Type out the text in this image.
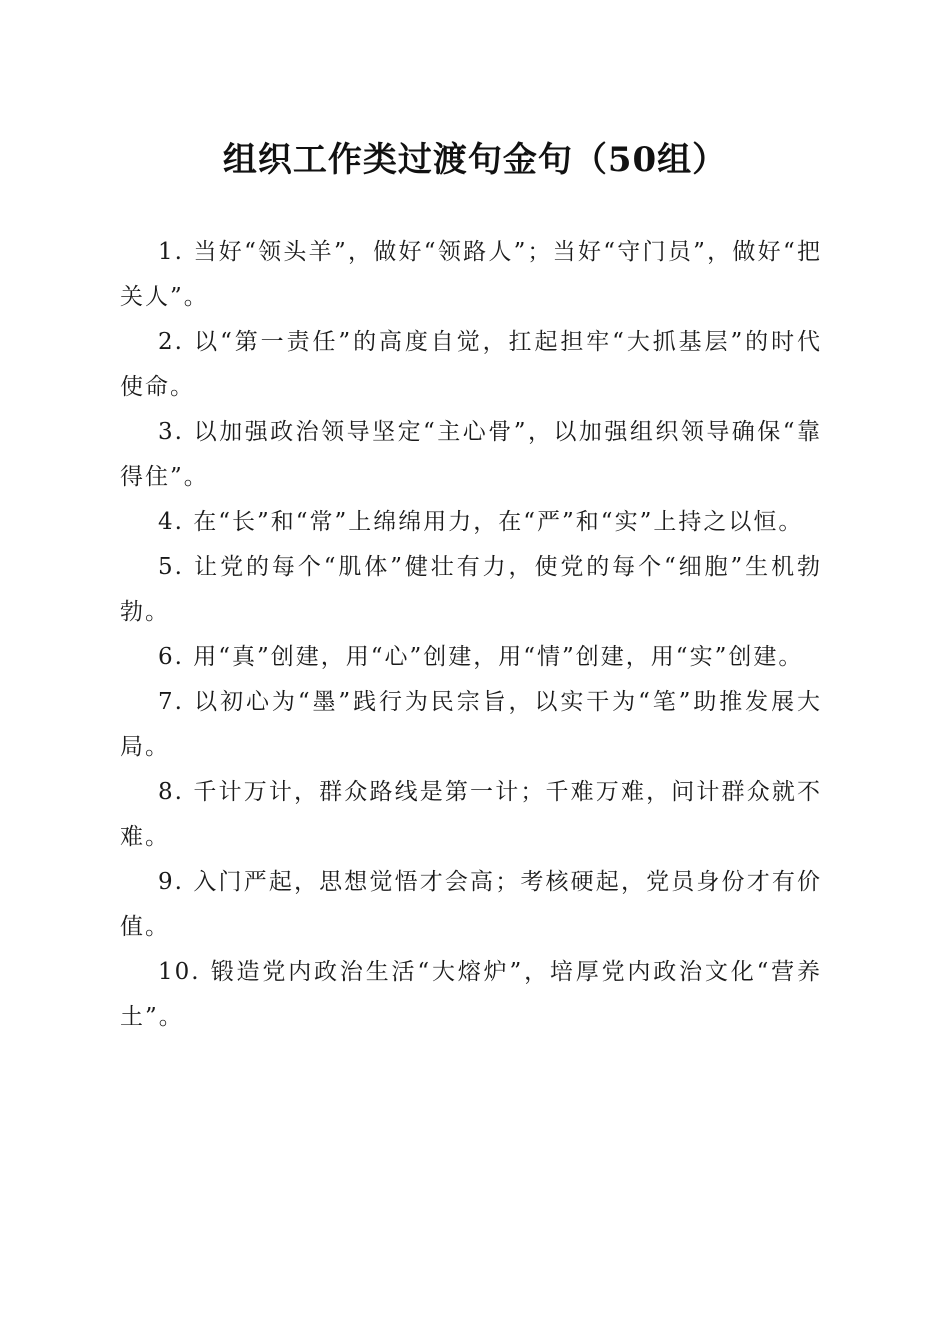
组织工作类过渡句金句（50组）

1. 当好“领头羊”，做好“领路人”；当好“守门员”，做好“把关人”。

2. 以“第一责任”的高度自觉，扛起担牢“大抓基层”的时代使命。

3. 以加强政治领导坚定“主心骨”，以加强组织领导确保“靠得住”。

4. 在“长”和“常”上绵绵用力，在“严”和“实”上持之以恒。

5. 让党的每个“肌体”健壮有力，使党的每个“细胞”生机勃勃。

6. 用“真”创建，用“心”创建，用“情”创建，用“实”创建。

7. 以初心为“墨”践行为民宗旨，以实干为“笔”助推发展大局。

8. 千计万计，群众路线是第一计；千难万难，问计群众就不难。

9. 入门严起，思想觉悟才会高；考核硬起，党员身份才有价值。

10. 锻造党内政治生活“大熔炉”，培厚党内政治文化“营养土”。
